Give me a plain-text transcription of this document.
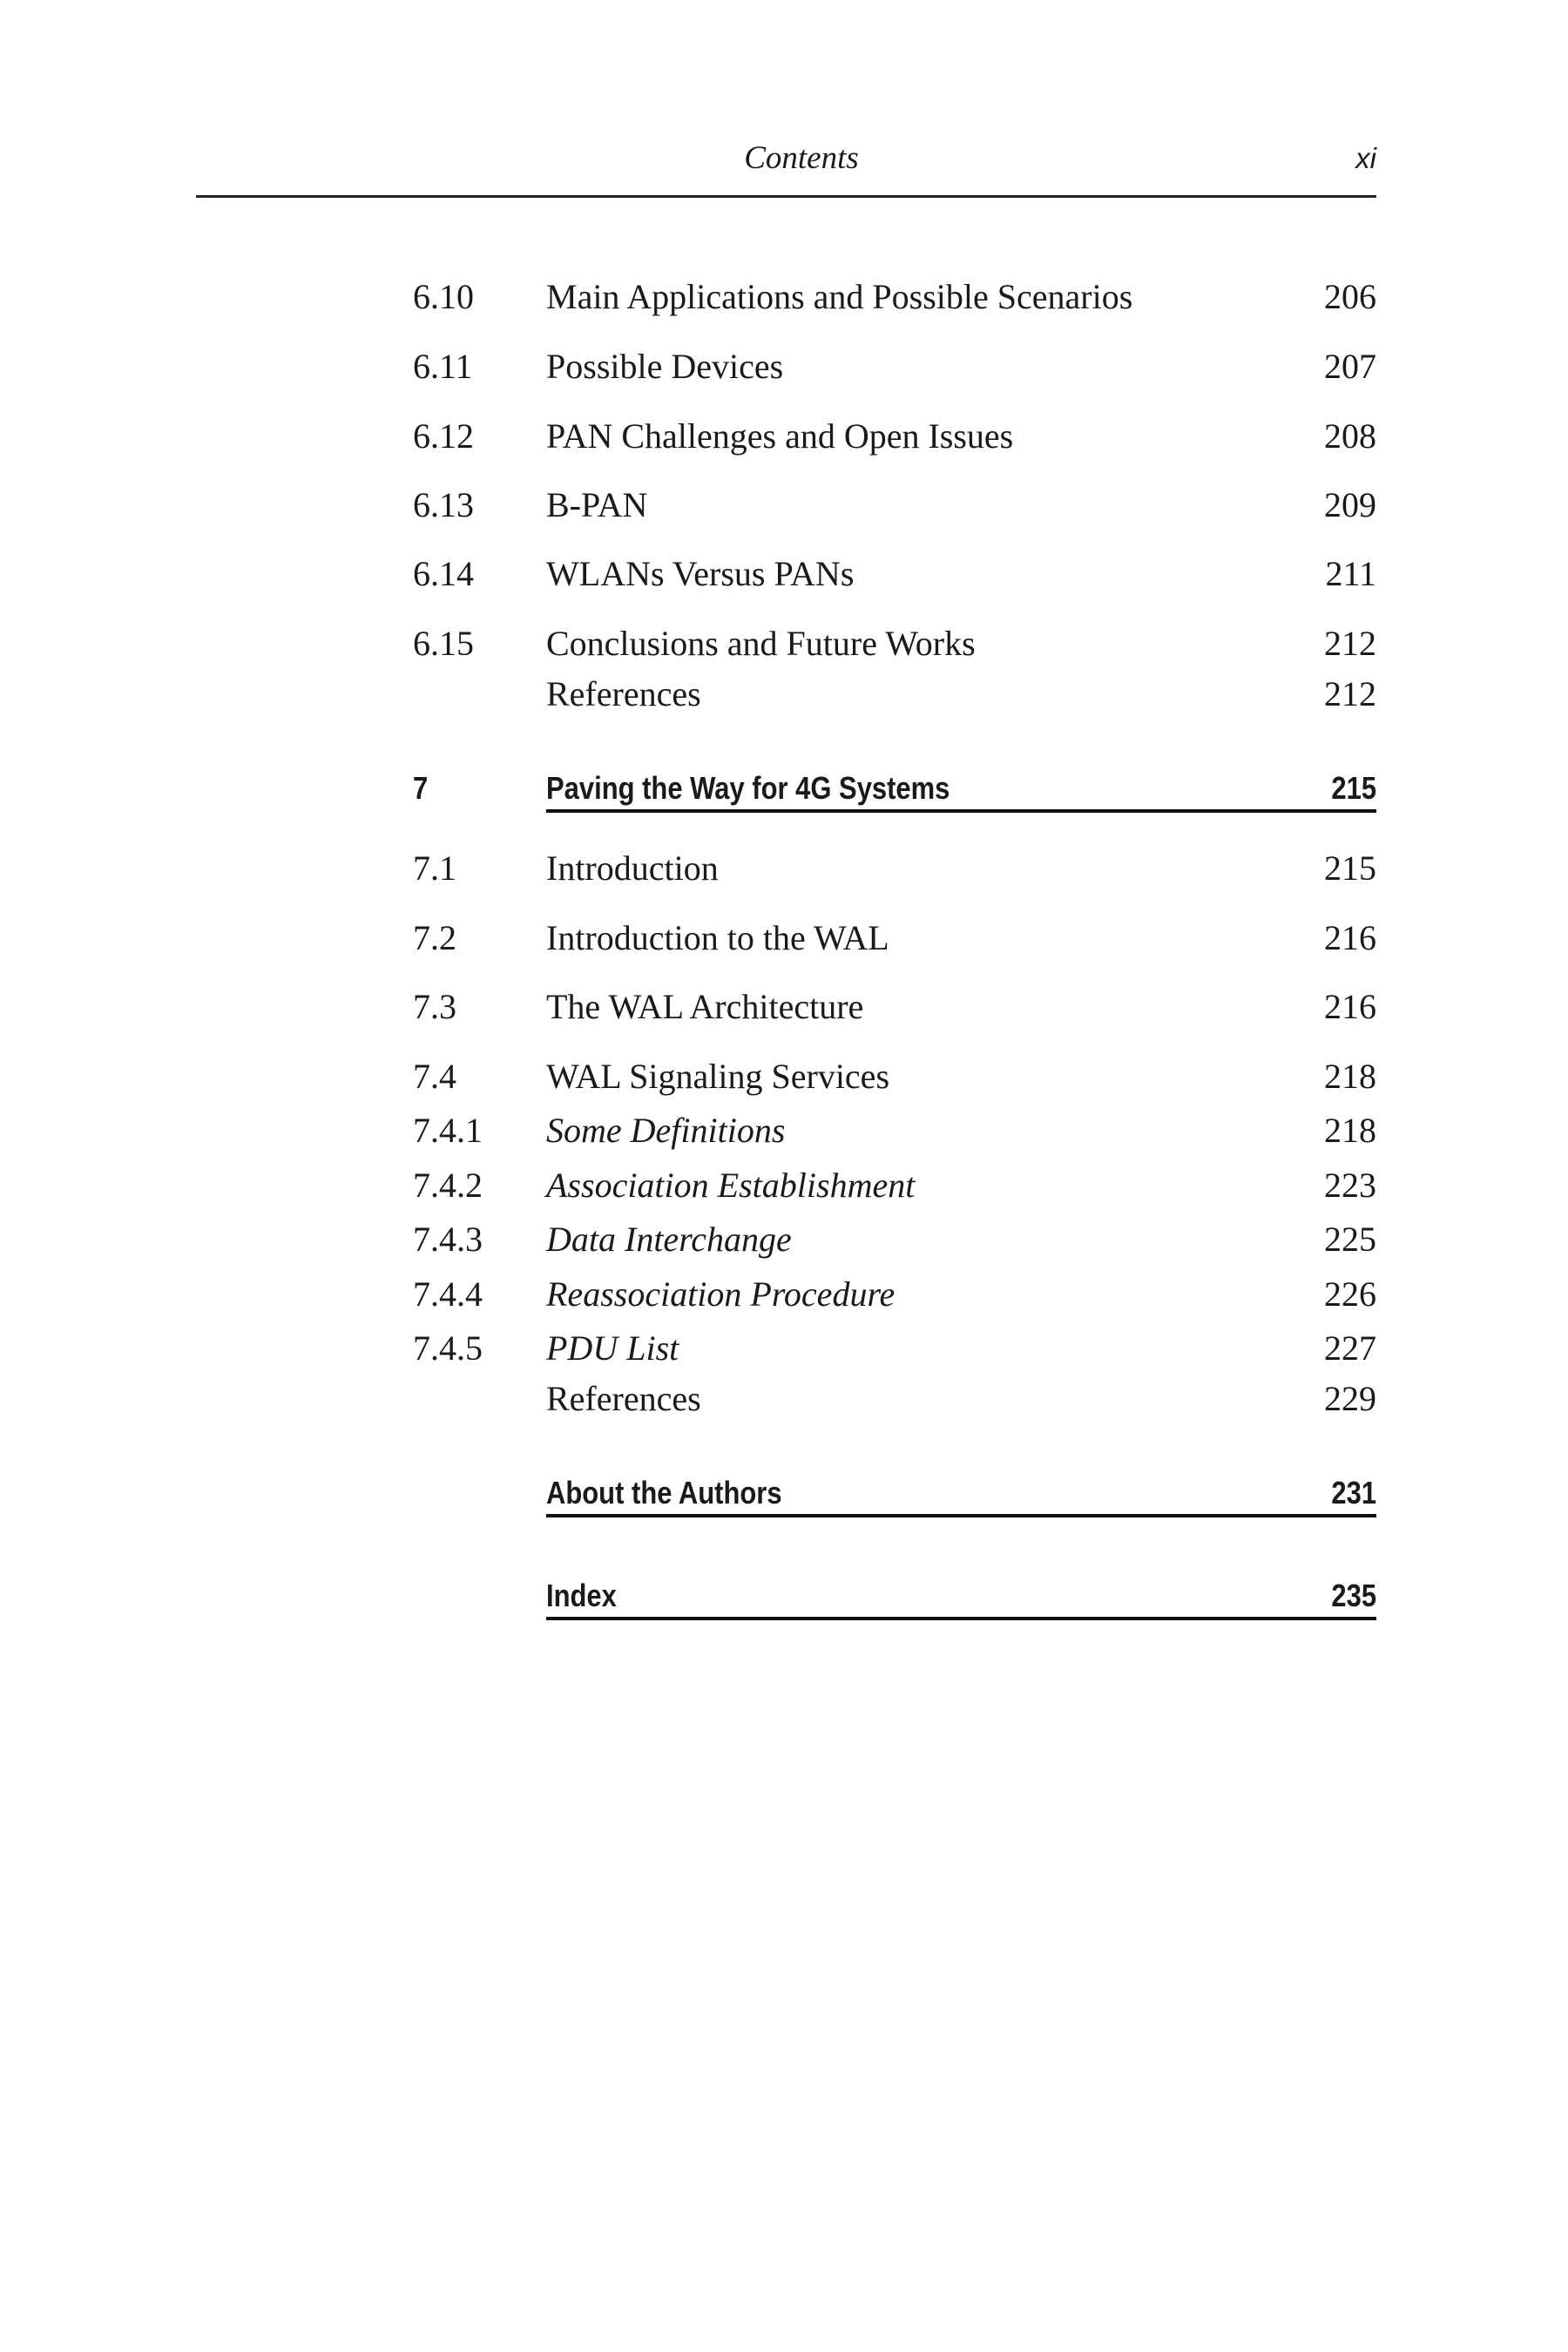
Contents	xi
6.10 Main Applications and Possible Scenarios	206
6.11 Possible Devices	207
6.12 PAN Challenges and Open Issues	208
6.13 B-PAN	209
6.14 WLANs Versus PANs	211
6.15 Conclusions and Future Works	212
References	212
7	Paving the Way for 4G Systems	215
7.1	Introduction	215
7.2	Introduction to the WAL	216
7.3	The WAL Architecture	216
7.4	WAL Signaling Services	218
7.4.1 Some Definitions	218
7.4.2 Association Establishment	223
7.4.3 Data Interchange	225
7.4.4 Reassociation Procedure	226
7.4.5 PDU List	227
References	229
About the Authors	231
Index	235
